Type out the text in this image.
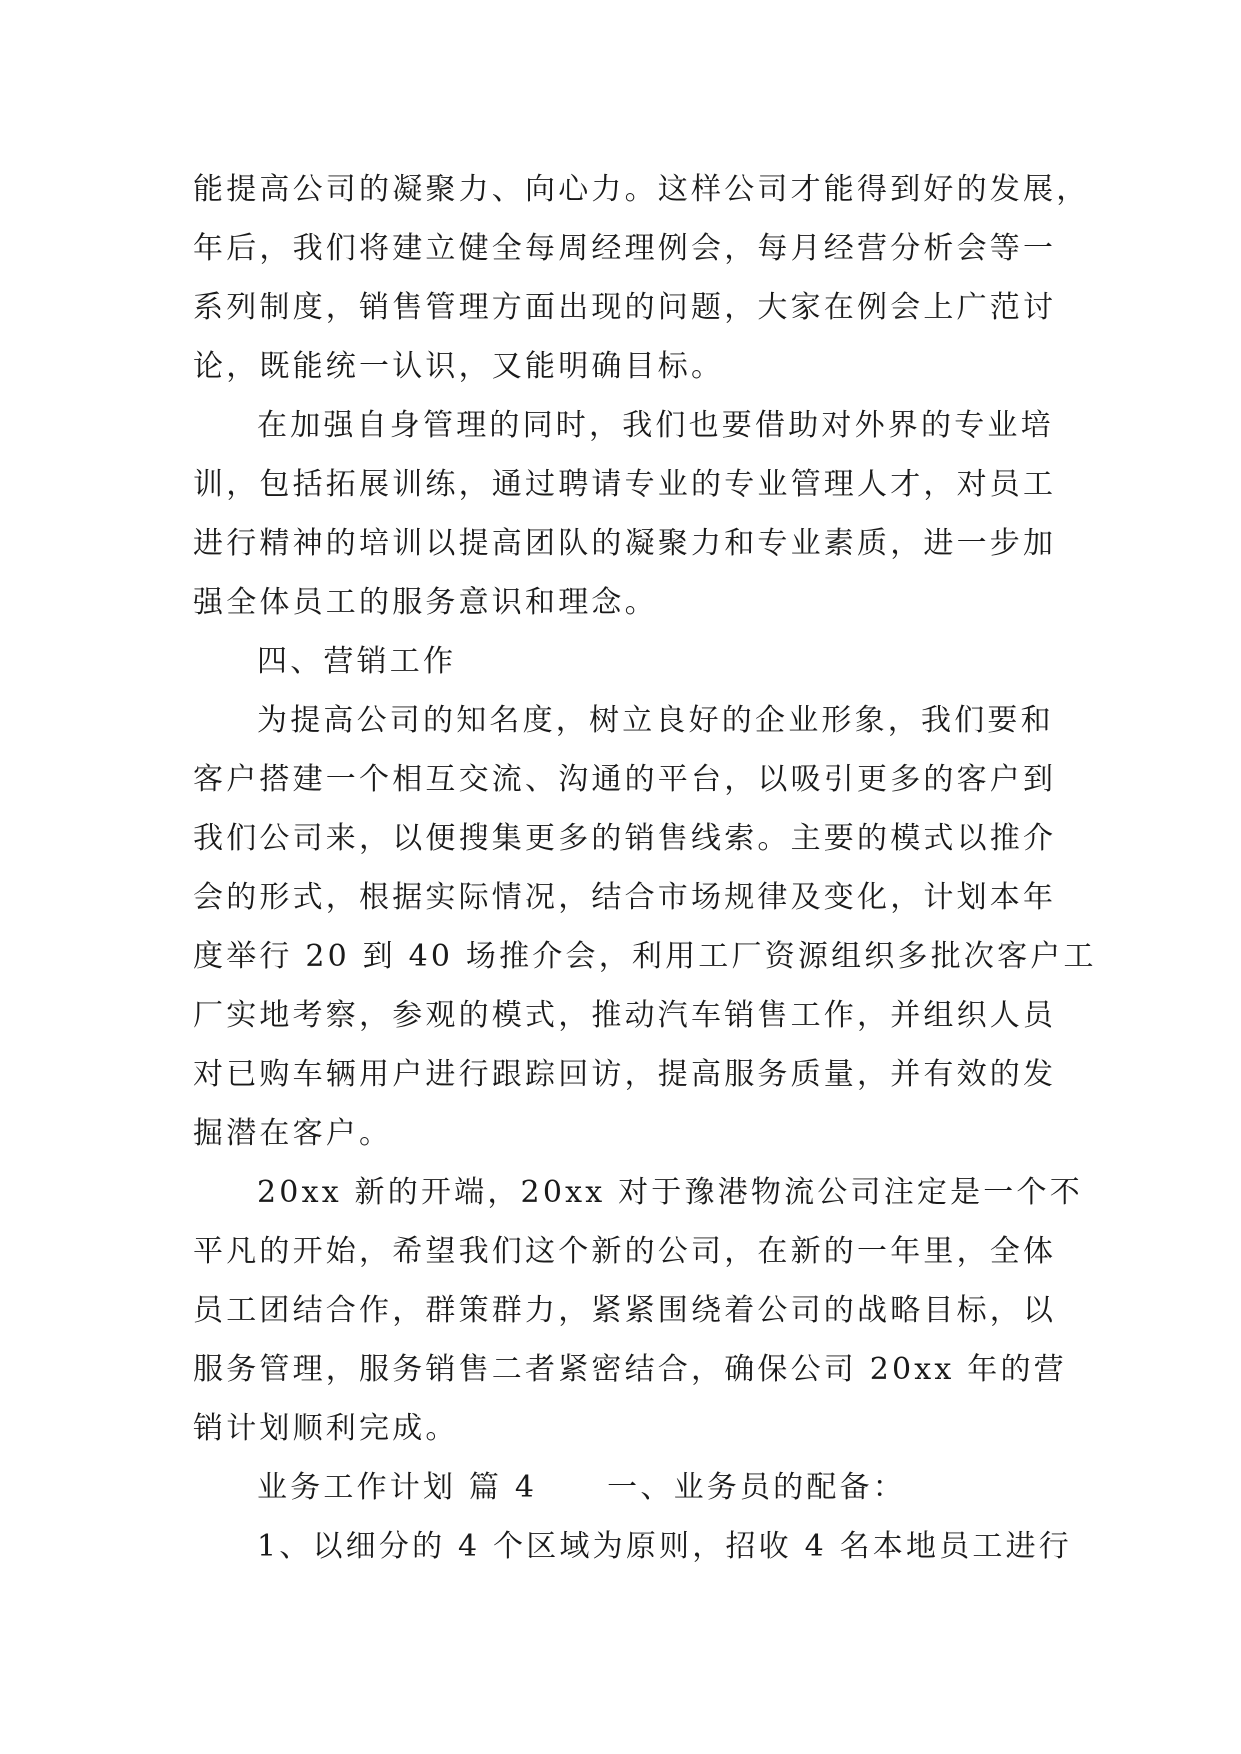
能提高公司的凝聚力、向心力。这样公司才能得到好的发展，
年后，我们将建立健全每周经理例会，每月经营分析会等一
系列制度，销售管理方面出现的问题，大家在例会上广范讨
论，既能统一认识，又能明确目标。
在加强自身管理的同时，我们也要借助对外界的专业培
训，包括拓展训练，通过聘请专业的专业管理人才，对员工
进行精神的培训以提高团队的凝聚力和专业素质，进一步加
强全体员工的服务意识和理念。
四、营销工作
为提高公司的知名度，树立良好的企业形象，我们要和
客户搭建一个相互交流、沟通的平台，以吸引更多的客户到
我们公司来，以便搜集更多的销售线索。主要的模式以推介
会的形式，根据实际情况，结合市场规律及变化，计划本年
度举行 20 到 40 场推介会，利用工厂资源组织多批次客户工
厂实地考察，参观的模式，推动汽车销售工作，并组织人员
对已购车辆用户进行跟踪回访，提高服务质量，并有效的发
掘潜在客户。
20xx 新的开端，20xx 对于豫港物流公司注定是一个不
平凡的开始，希望我们这个新的公司，在新的一年里，全体
员工团结合作，群策群力，紧紧围绕着公司的战略目标，以
服务管理，服务销售二者紧密结合，确保公司 20xx 年的营
销计划顺利完成。
业务工作计划 篇 4 一、业务员的配备：
1、以细分的 4 个区域为原则，招收 4 名本地员工进行
